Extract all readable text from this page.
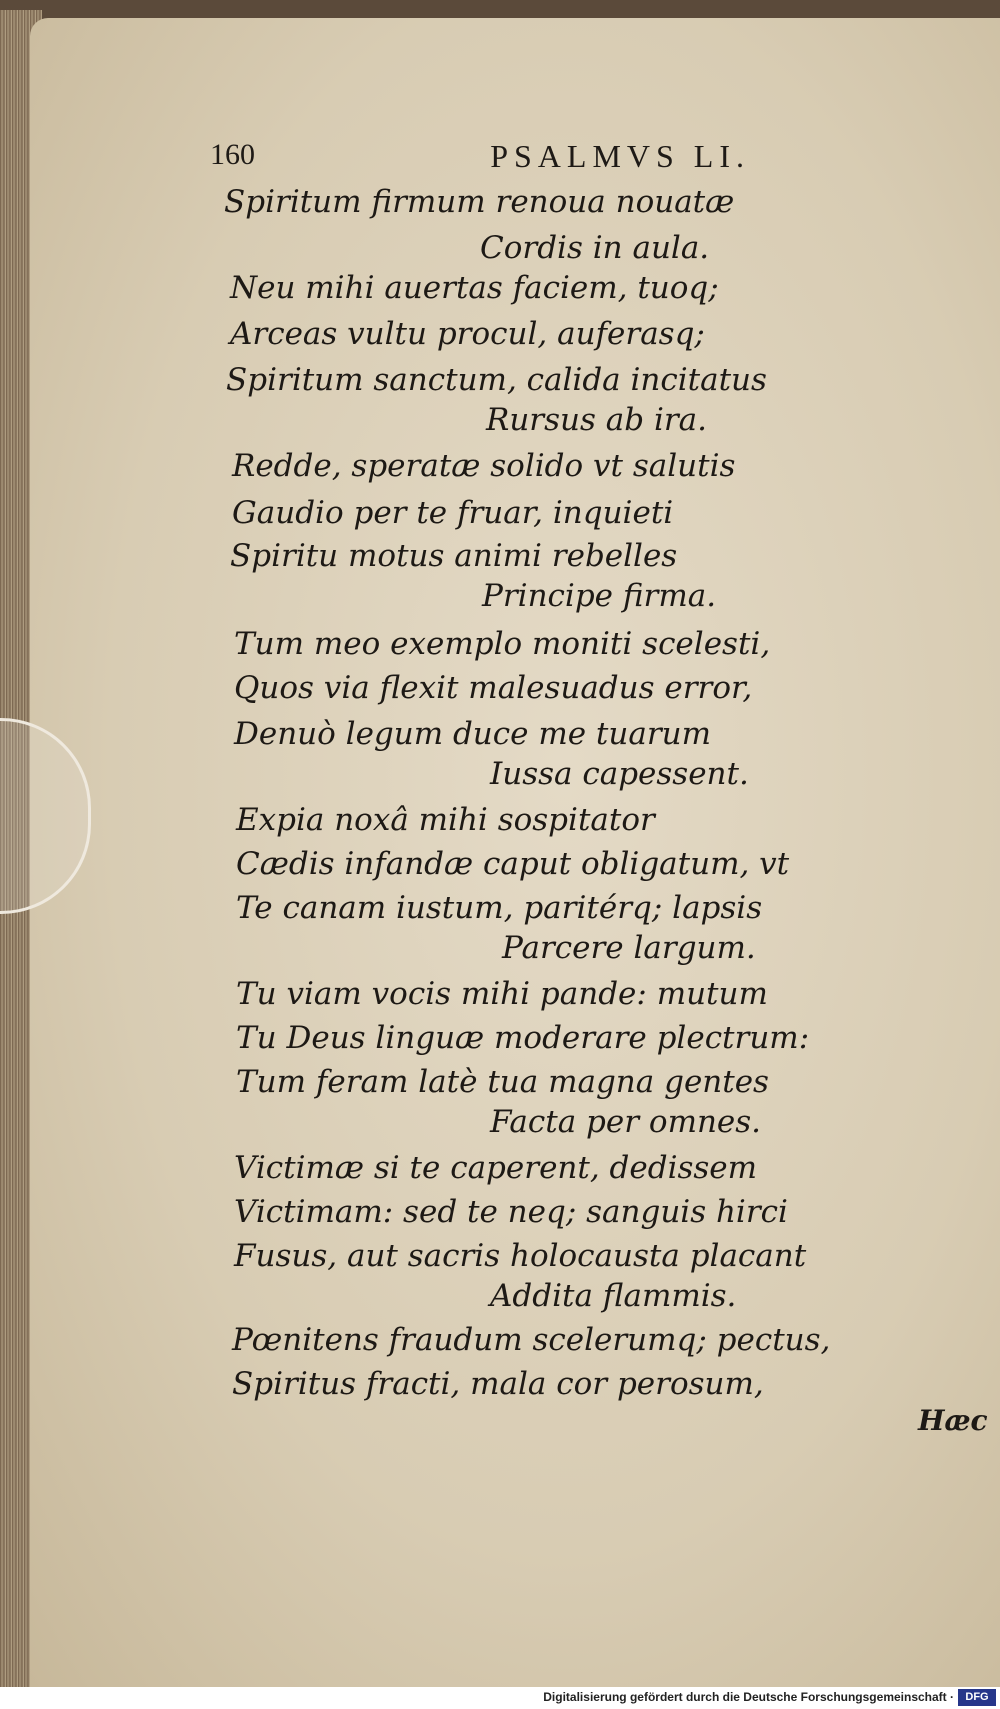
160	PSALMVS LI.
Spiritum firmum renoua nouatæ
Cordis in aula.
Neu mihi auertas faciem, tuoq;
Arceas vultu procul, auferasq;
Spiritum sanctum, calida incitatus
Rursus ab ira.
Redde, speratæ solido vt salutis
Gaudio per te fruar, inquieti
Spiritu motus animi rebelles
Principe firma.
Tum meo exemplo moniti scelesti,
Quos via flexit malesuadus error,
Denuò legum duce me tuarum
Iussa capessent.
Expia noxâ mihi sospitator
Cædis infandæ caput obligatum, vt
Te canam iustum, paritérq; lapsis
Parcere largum.
Tu viam vocis mihi pande: mutum
Tu Deus linguæ moderare plectrum:
Tum feram latè tua magna gentes
Facta per omnes.
Victimæ si te caperent, dedissem
Victimam: sed te neq; sanguis hirci
Fusus, aut sacris holocausta placant
Addita flammis.
Pœnitens fraudum scelerumq; pectus,
Spiritus fracti, mala cor perosum,
Hæc
Digitalisierung gefördert durch die Deutsche Forschungsgemeinschaft ·	DFG
